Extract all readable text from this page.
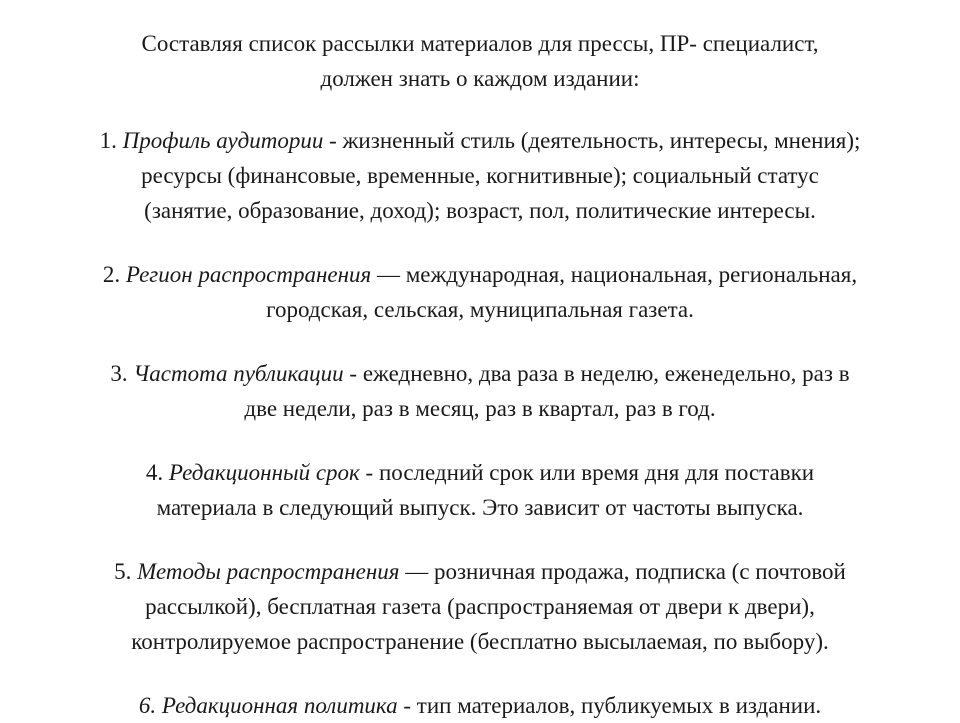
Составляя список рассылки материалов для прессы, ПР- специалист,
должен знать о каждом издании:
1. Профиль аудитории - жизненный стиль (деятельность, интересы, мнения);
ресурсы (финансовые, временные, когнитивные); социальный статус
(занятие, образование, доход); возраст, пол, политические интересы.
2. Регион распространения — международная, национальная, региональная,
городская, сельская, муниципальная газета.
3. Частота публикации - ежедневно, два раза в неделю, еженедельно, раз в
две недели, раз в месяц, раз в квартал, раз в год.
4. Редакционный срок - последний срок или время дня для поставки
материала в следующий выпуск. Это зависит от частоты выпуска.
5. Методы распространения — розничная продажа, подписка (с почтовой
рассылкой), бесплатная газета (распространяемая от двери к двери),
контролируемое распространение (бесплатно высылаемая, по выбору).
6. Редакционная политика - тип материалов, публикуемых в издании.
